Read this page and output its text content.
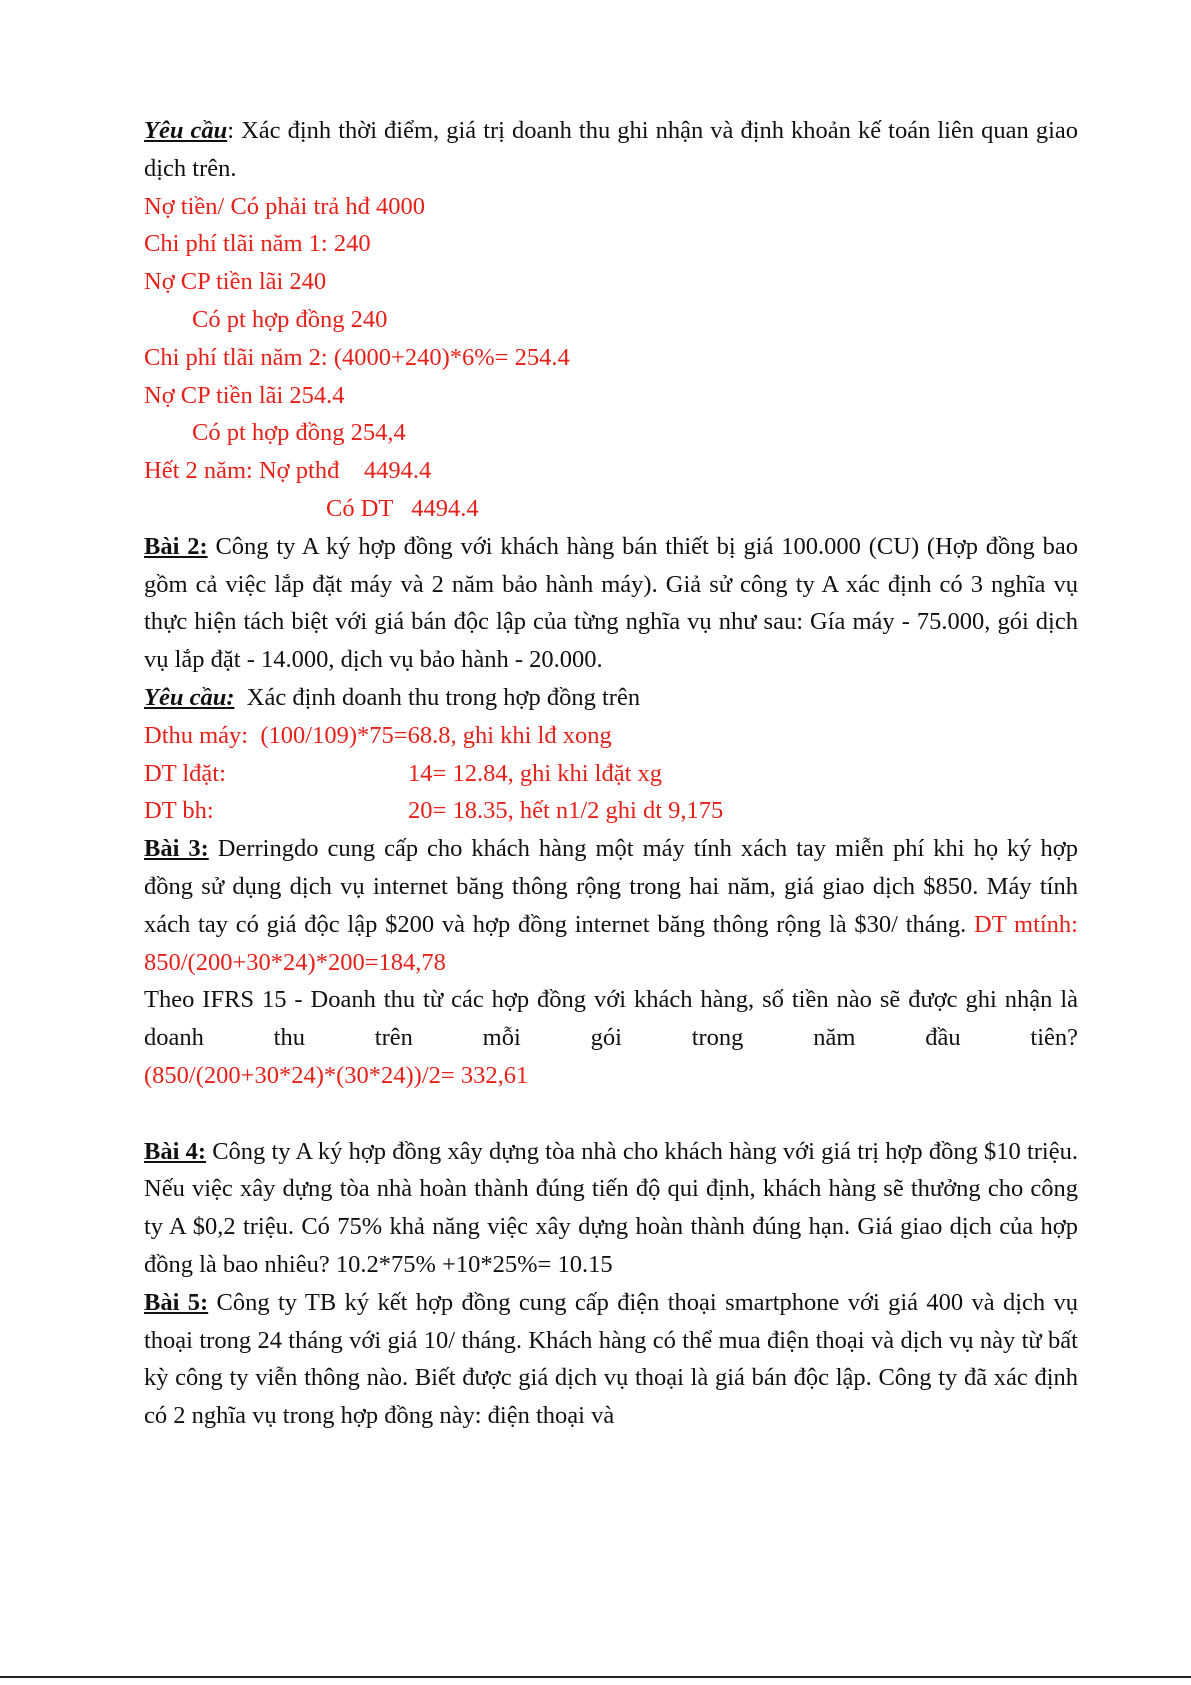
Yêu cầu: Xác định thời điểm, giá trị doanh thu ghi nhận và định khoản kế toán liên quan giao dịch trên.
Nợ tiền/ Có phải trả hđ 4000
Chi phí tlãi năm 1: 240
Nợ CP tiền lãi 240
Có pt hợp đồng 240
Chi phí tlãi năm 2: (4000+240)*6%= 254.4
Nợ CP tiền lãi 254.4
Có pt hợp đồng 254,4
Hết 2 năm: Nợ pthđ    4494.4
Có DT   4494.4
Bài 2: Công ty A ký hợp đồng với khách hàng bán thiết bị giá 100.000 (CU) (Hợp đồng bao gồm cả việc lắp đặt máy và 2 năm bảo hành máy). Giả sử công ty A xác định có 3 nghĩa vụ thực hiện tách biệt với giá bán độc lập của từng nghĩa vụ như sau: Gía máy - 75.000, gói dịch vụ lắp đặt - 14.000, dịch vụ bảo hành - 20.000.
Yêu cầu:  Xác định doanh thu trong hợp đồng trên
Dthu máy:  (100/109)*75=68.8, ghi khi lđ xong
DT lđặt:	14= 12.84, ghi khi lđặt xg
DT bh:	20= 18.35, hết n1/2 ghi dt 9,175
Bài 3: Derringdo cung cấp cho khách hàng một máy tính xách tay miễn phí khi họ ký hợp đồng sử dụng dịch vụ internet băng thông rộng trong hai năm, giá giao dịch $850. Máy tính xách tay có giá độc lập $200 và hợp đồng internet băng thông rộng là $30/ tháng. DT mtính: 850/(200+30*24)*200=184,78
Theo IFRS 15 - Doanh thu từ các hợp đồng với khách hàng, số tiền nào sẽ được ghi nhận là doanh thu trên mỗi gói trong năm đầu tiên?
(850/(200+30*24)*(30*24))/2= 332,61
Bài 4: Công ty A ký hợp đồng xây dựng tòa nhà cho khách hàng với giá trị hợp đồng $10 triệu. Nếu việc xây dựng tòa nhà hoàn thành đúng tiến độ qui định, khách hàng sẽ thưởng cho công ty A $0,2 triệu. Có 75% khả năng việc xây dựng hoàn thành đúng hạn. Giá giao dịch của hợp đồng là bao nhiêu? 10.2*75% +10*25%= 10.15
Bài 5: Công ty TB ký kết hợp đồng cung cấp điện thoại smartphone với giá 400 và dịch vụ thoại trong 24 tháng với giá 10/ tháng. Khách hàng có thể mua điện thoại và dịch vụ này từ bất kỳ công ty viễn thông nào. Biết được giá dịch vụ thoại là giá bán độc lập. Công ty đã xác định có 2 nghĩa vụ trong hợp đồng này: điện thoại và
